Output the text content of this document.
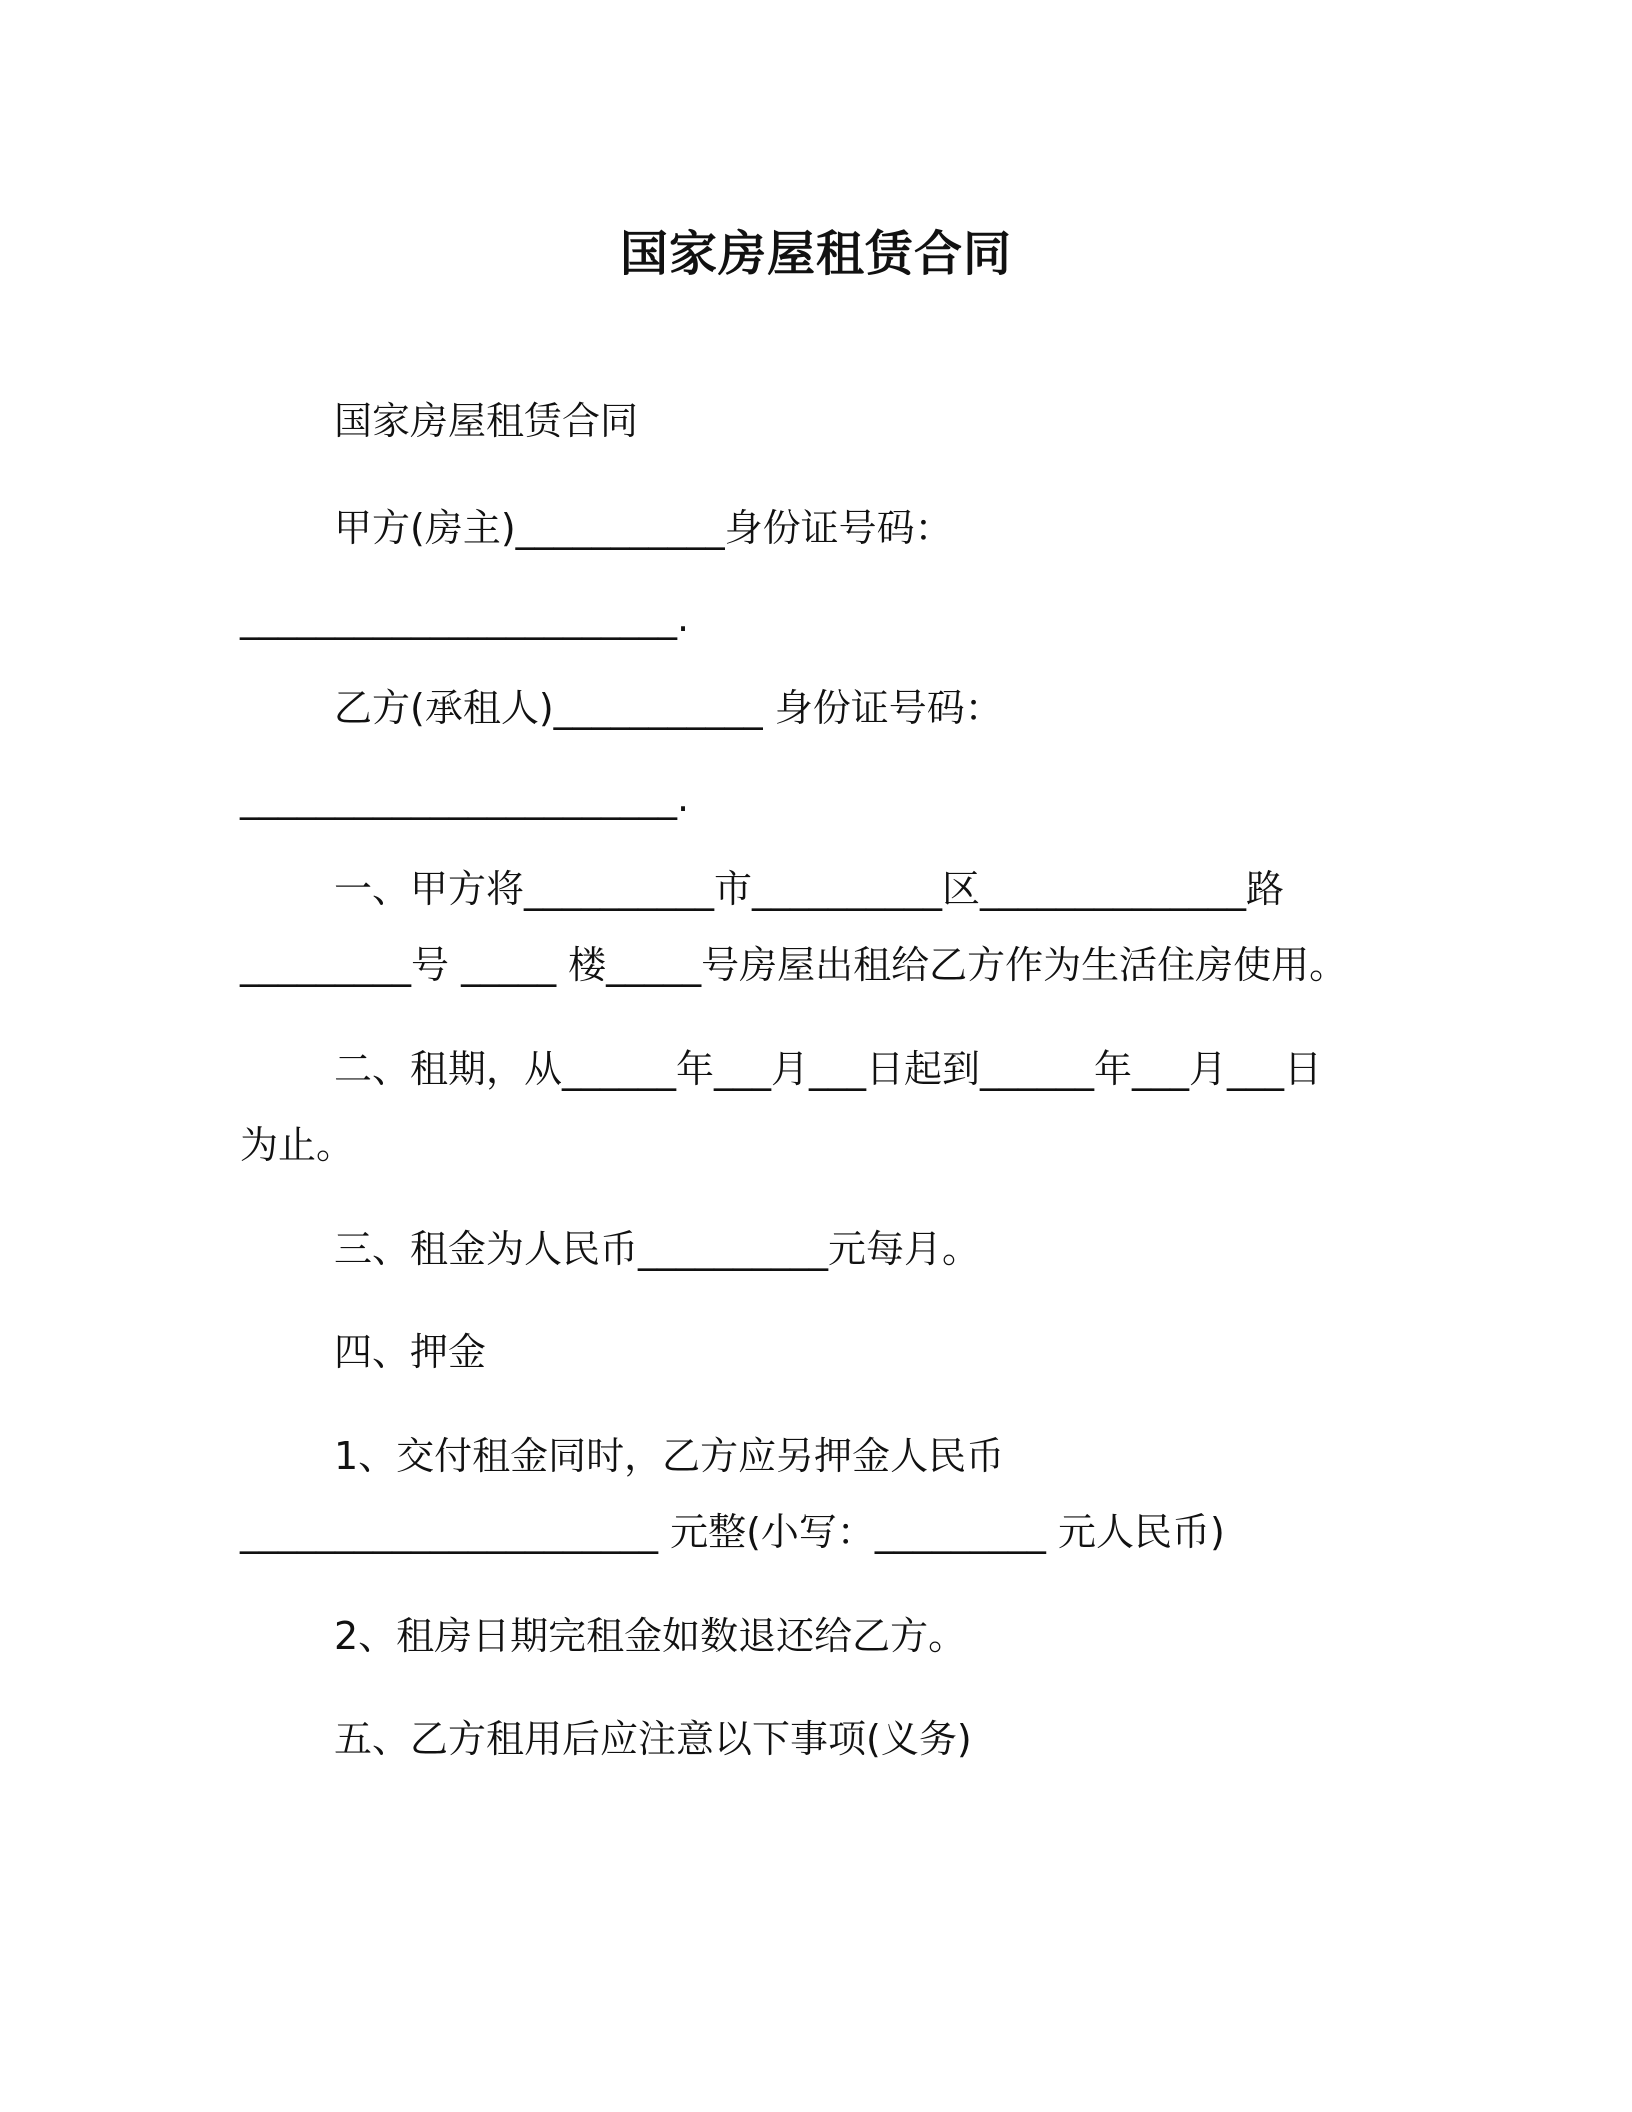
国家房屋租赁合同
国家房屋租赁合同
甲方(房主)___________身份证号码：
_______________________.
乙方(承租人)___________ 身份证号码：
_______________________.
一、甲方将__________市__________区______________路
_________号 _____ 楼_____号房屋出租给乙方作为生活住房使用。
二、租期，从______年___月___日起到______年___月___日
为止。
三、租金为人民币__________元每月。
四、押金
1、交付租金同时，乙方应另押金人民币
______________________ 元整(小写：_________ 元人民币)
2、租房日期完租金如数退还给乙方。
五、乙方租用后应注意以下事项(义务)
